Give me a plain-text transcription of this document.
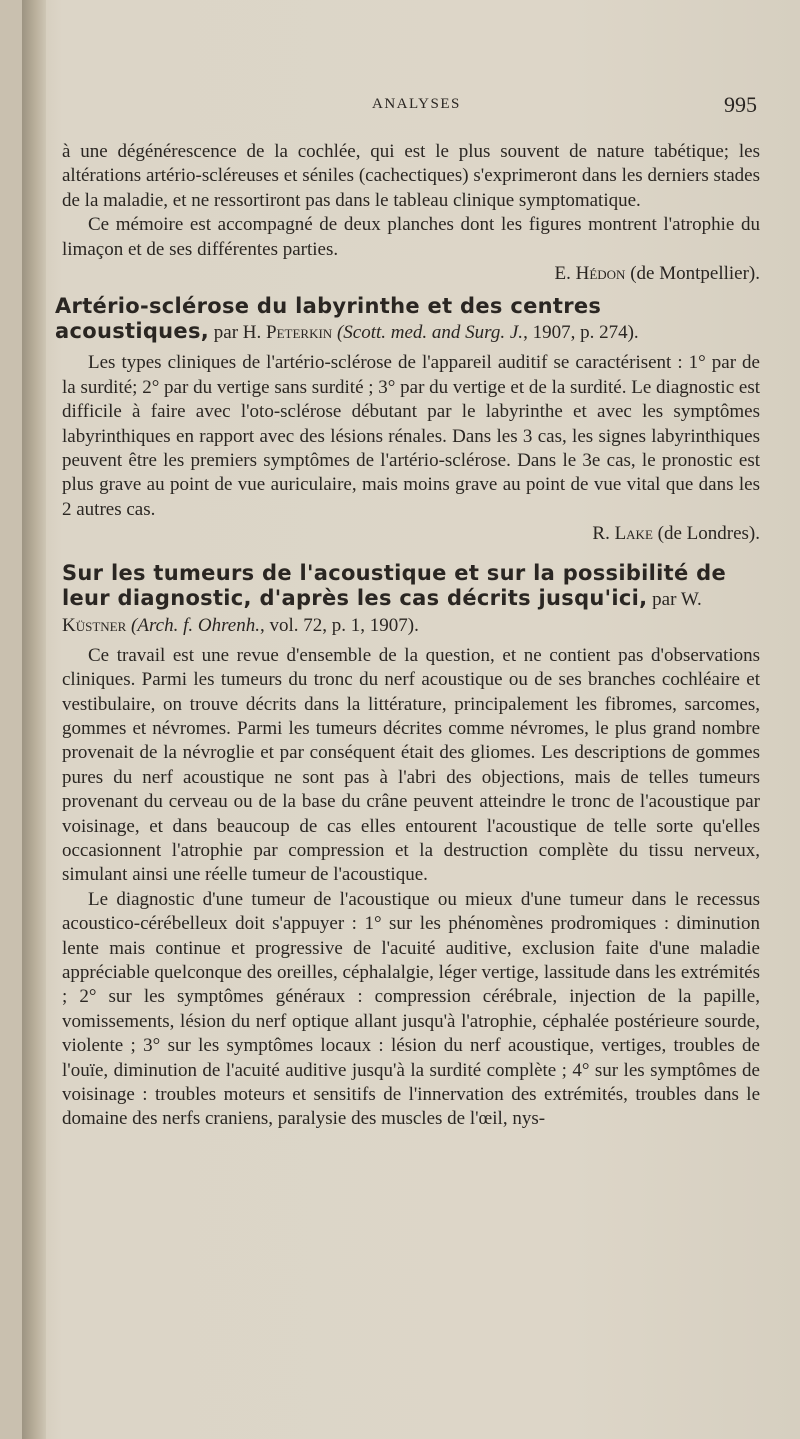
ANALYSES	995

à une dégénérescence de la cochlée, qui est le plus souvent de nature tabétique; les altérations artério-scléreuses et séniles (cachectiques) s'exprimeront dans les derniers stades de la maladie, et ne ressortiront pas dans le tableau clinique symptomatique.

Ce mémoire est accompagné de deux planches dont les figures montrent l'atrophie du limaçon et de ses différentes parties.

E. Hédon (de Montpellier).

Artério-sclérose du labyrinthe et des centres acoustiques, par H. Peterkin (Scott. med. and Surg. J., 1907, p. 274).

Les types cliniques de l'artério-sclérose de l'appareil auditif se caractérisent : 1° par de la surdité; 2° par du vertige sans surdité ; 3° par du vertige et de la surdité. Le diagnostic est difficile à faire avec l'oto-sclérose débutant par le labyrinthe et avec les symptômes labyrinthiques en rapport avec des lésions rénales. Dans les 3 cas, les signes labyrinthiques peuvent être les premiers symptômes de l'artério-sclérose. Dans le 3e cas, le pronostic est plus grave au point de vue auriculaire, mais moins grave au point de vue vital que dans les 2 autres cas.

R. Lake (de Londres).

Sur les tumeurs de l'acoustique et sur la possibilité de leur diagnostic, d'après les cas décrits jusqu'ici, par W. Küstner (Arch. f. Ohrenh., vol. 72, p. 1, 1907).

Ce travail est une revue d'ensemble de la question, et ne contient pas d'observations cliniques. Parmi les tumeurs du tronc du nerf acoustique ou de ses branches cochléaire et vestibulaire, on trouve décrits dans la littérature, principalement les fibromes, sarcomes, gommes et névromes. Parmi les tumeurs décrites comme névromes, le plus grand nombre provenait de la névroglie et par conséquent était des gliomes. Les descriptions de gommes pures du nerf acoustique ne sont pas à l'abri des objections, mais de telles tumeurs provenant du cerveau ou de la base du crâne peuvent atteindre le tronc de l'acoustique par voisinage, et dans beaucoup de cas elles entourent l'acoustique de telle sorte qu'elles occasionnent l'atrophie par compression et la destruction complète du tissu nerveux, simulant ainsi une réelle tumeur de l'acoustique.

Le diagnostic d'une tumeur de l'acoustique ou mieux d'une tumeur dans le recessus acoustico-cérébelleux doit s'appuyer : 1° sur les phénomènes prodromiques : diminution lente mais continue et progressive de l'acuité auditive, exclusion faite d'une maladie appréciable quelconque des oreilles, céphalalgie, léger vertige, lassitude dans les extrémités ; 2° sur les symptômes généraux : compression cérébrale, injection de la papille, vomissements, lésion du nerf optique allant jusqu'à l'atrophie, céphalée postérieure sourde, violente ; 3° sur les symptômes locaux : lésion du nerf acoustique, vertiges, troubles de l'ouïe, diminution de l'acuité auditive jusqu'à la surdité complète ; 4° sur les symptômes de voisinage : troubles moteurs et sensitifs de l'innervation des extrémités, troubles dans le domaine des nerfs craniens, paralysie des muscles de l'œil, nys-
